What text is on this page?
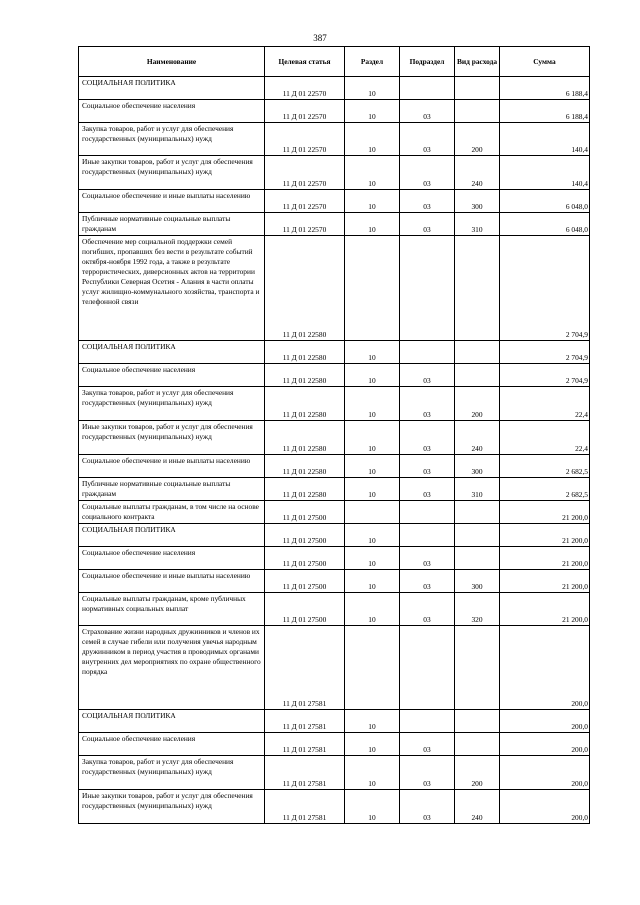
387
Наименование	Целевая статья	Раздел	Подраздел	Вид расхода	Сумма
СОЦИАЛЬНАЯ ПОЛИТИКА	11 Д 01 22570	10			6 188,4
Социальное обеспечение населения	11 Д 01 22570	10	03		6 188,4
Закупка товаров, работ и услуг для обеспечения государственных (муниципальных) нужд	11 Д 01 22570	10	03	200	140,4
Иные закупки товаров, работ и услуг для обеспечения государственных (муниципальных) нужд	11 Д 01 22570	10	03	240	140,4
Социальное обеспечение и иные выплаты населению	11 Д 01 22570	10	03	300	6 048,0
Публичные нормативные социальные выплаты гражданам	11 Д 01 22570	10	03	310	6 048,0
Обеспечение мер социальной поддержки семей погибших, пропавших без вести в результате событий октября-ноября 1992 года, а также в результате террористических, диверсионных актов на территории Республики Северная Осетия - Алания в части оплаты услуг жилищно-коммунального хозяйства, транспорта и телефонной связи	11 Д 01 22580				2 704,9
СОЦИАЛЬНАЯ ПОЛИТИКА	11 Д 01 22580	10			2 704,9
Социальное обеспечение населения	11 Д 01 22580	10	03		2 704,9
Закупка товаров, работ и услуг для обеспечения государственных (муниципальных) нужд	11 Д 01 22580	10	03	200	22,4
Иные закупки товаров, работ и услуг для обеспечения государственных (муниципальных) нужд	11 Д 01 22580	10	03	240	22,4
Социальное обеспечение и иные выплаты населению	11 Д 01 22580	10	03	300	2 682,5
Публичные нормативные социальные выплаты гражданам	11 Д 01 22580	10	03	310	2 682,5
Социальные выплаты гражданам, в том числе на основе социального контракта	11 Д 01 27500				21 200,0
СОЦИАЛЬНАЯ ПОЛИТИКА	11 Д 01 27500	10			21 200,0
Социальное обеспечение населения	11 Д 01 27500	10	03		21 200,0
Социальное обеспечение и иные выплаты населению	11 Д 01 27500	10	03	300	21 200,0
Социальные выплаты гражданам, кроме публичных нормативных социальных выплат	11 Д 01 27500	10	03	320	21 200,0
Страхование жизни народных дружинников и членов их семей в случае гибели или получения увечья народным дружинником в период участия в проводимых органами внутренних дел мероприятиях по охране общественного порядка	11 Д 01 27581				200,0
СОЦИАЛЬНАЯ ПОЛИТИКА	11 Д 01 27581	10			200,0
Социальное обеспечение населения	11 Д 01 27581	10	03		200,0
Закупка товаров, работ и услуг для обеспечения государственных (муниципальных) нужд	11 Д 01 27581	10	03	200	200,0
Иные закупки товаров, работ и услуг для обеспечения государственных (муниципальных) нужд	11 Д 01 27581	10	03	240	200,0
